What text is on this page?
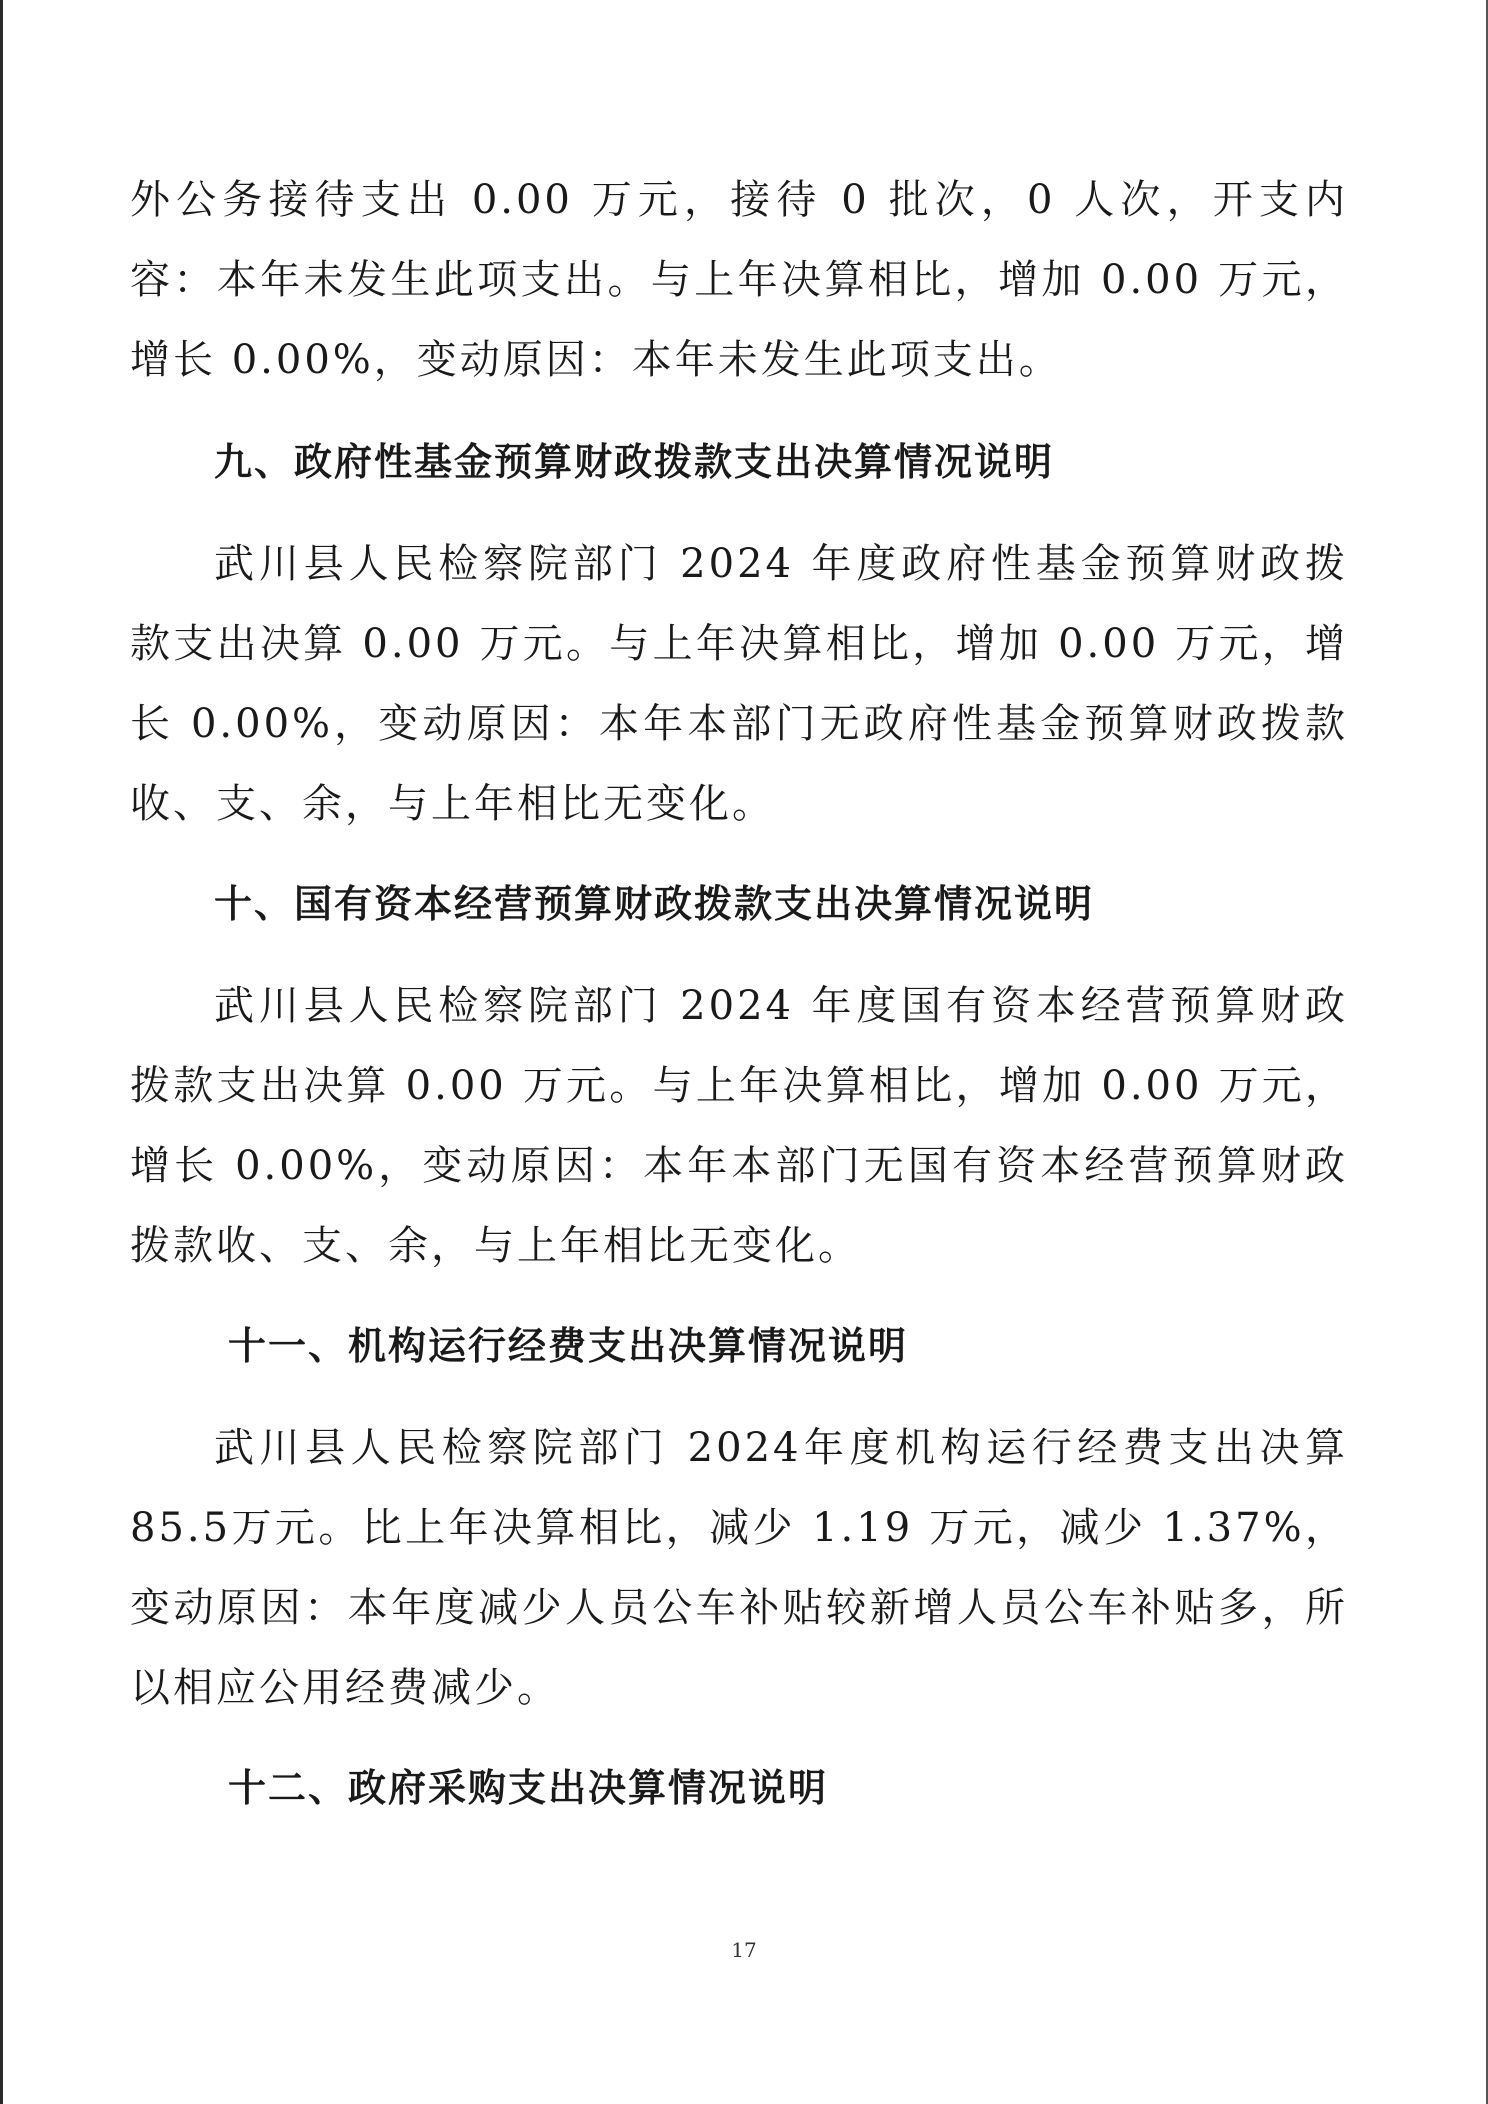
外公务接待支出 0.00 万元，接待 0 批次，0 人次，开支内容：本年未发生此项支出。与上年决算相比，增加 0.00 万元，增长 0.00%，变动原因：本年未发生此项支出。

九、政府性基金预算财政拨款支出决算情况说明

武川县人民检察院部门 2024 年度政府性基金预算财政拨款支出决算 0.00 万元。与上年决算相比，增加 0.00 万元，增长 0.00%，变动原因：本年本部门无政府性基金预算财政拨款收、支、余，与上年相比无变化。

十、国有资本经营预算财政拨款支出决算情况说明

武川县人民检察院部门 2024 年度国有资本经营预算财政拨款支出决算 0.00 万元。与上年决算相比，增加 0.00 万元，增长 0.00%，变动原因：本年本部门无国有资本经营预算财政拨款收、支、余，与上年相比无变化。

十一、机构运行经费支出决算情况说明

武川县人民检察院部门 2024年度机构运行经费支出决算 85.5万元。比上年决算相比，减少 1.19 万元，减少 1.37%，变动原因：本年度减少人员公车补贴较新增人员公车补贴多，所以相应公用经费减少。

十二、政府采购支出决算情况说明
17
